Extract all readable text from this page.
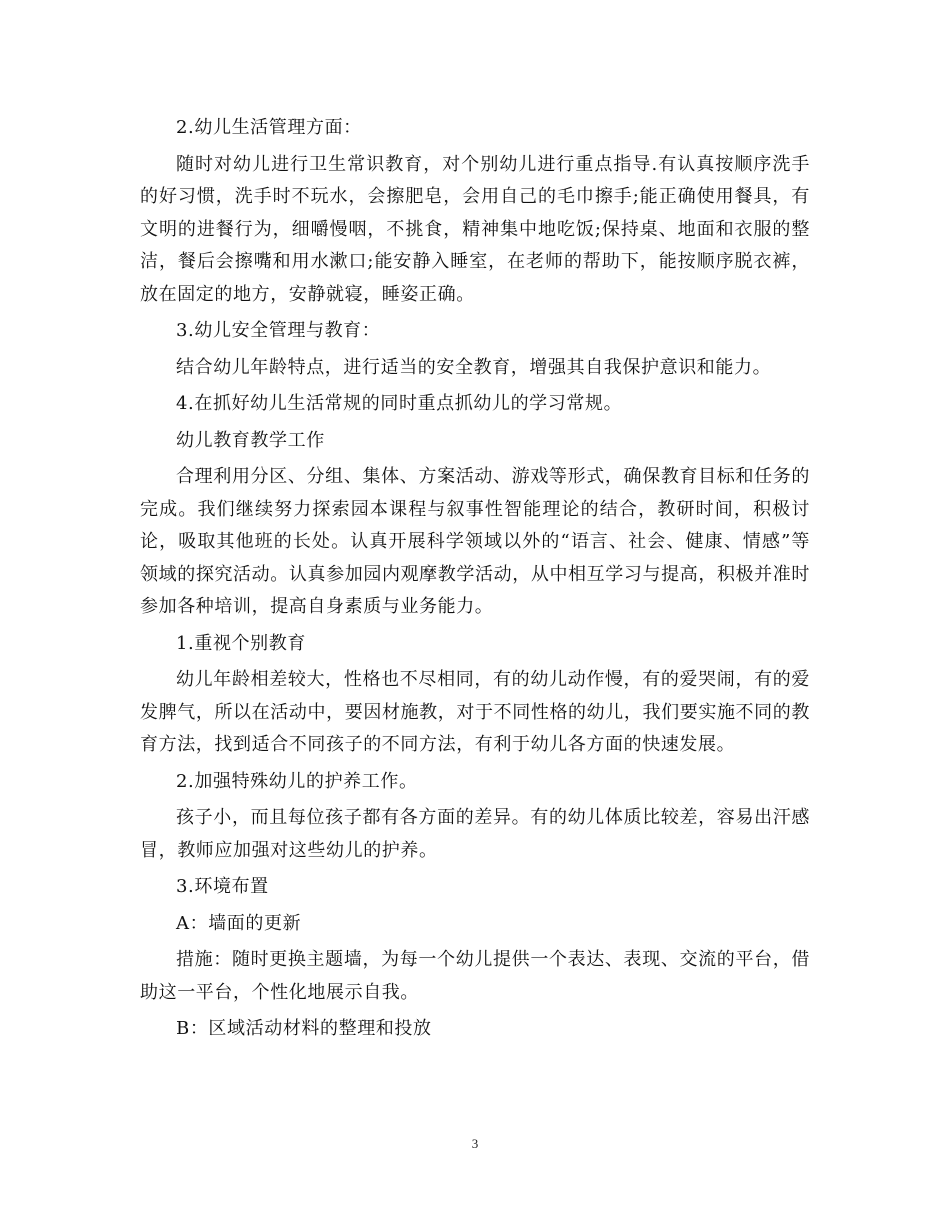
2.幼儿生活管理方面：

随时对幼儿进行卫生常识教育，对个别幼儿进行重点指导.有认真按顺序洗手的好习惯，洗手时不玩水，会擦肥皂，会用自己的毛巾擦手;能正确使用餐具，有文明的进餐行为，细嚼慢咽，不挑食，精神集中地吃饭;保持桌、地面和衣服的整洁，餐后会擦嘴和用水漱口;能安静入睡室，在老师的帮助下，能按顺序脱衣裤，放在固定的地方，安静就寝，睡姿正确。

3.幼儿安全管理与教育：

结合幼儿年龄特点，进行适当的安全教育，增强其自我保护意识和能力。

4.在抓好幼儿生活常规的同时重点抓幼儿的学习常规。

幼儿教育教学工作

合理利用分区、分组、集体、方案活动、游戏等形式，确保教育目标和任务的完成。我们继续努力探索园本课程与叙事性智能理论的结合，教研时间，积极讨论，吸取其他班的长处。认真开展科学领域以外的“语言、社会、健康、情感”等领域的探究活动。认真参加园内观摩教学活动，从中相互学习与提高，积极并准时参加各种培训，提高自身素质与业务能力。

1.重视个别教育

幼儿年龄相差较大，性格也不尽相同，有的幼儿动作慢，有的爱哭闹，有的爱发脾气，所以在活动中，要因材施教，对于不同性格的幼儿，我们要实施不同的教育方法，找到适合不同孩子的不同方法，有利于幼儿各方面的快速发展。

2.加强特殊幼儿的护养工作。

孩子小，而且每位孩子都有各方面的差异。有的幼儿体质比较差，容易出汗感冒，教师应加强对这些幼儿的护养。

3.环境布置

A：墙面的更新

措施：随时更换主题墙，为每一个幼儿提供一个表达、表现、交流的平台，借助这一平台，个性化地展示自我。

B：区域活动材料的整理和投放

3
